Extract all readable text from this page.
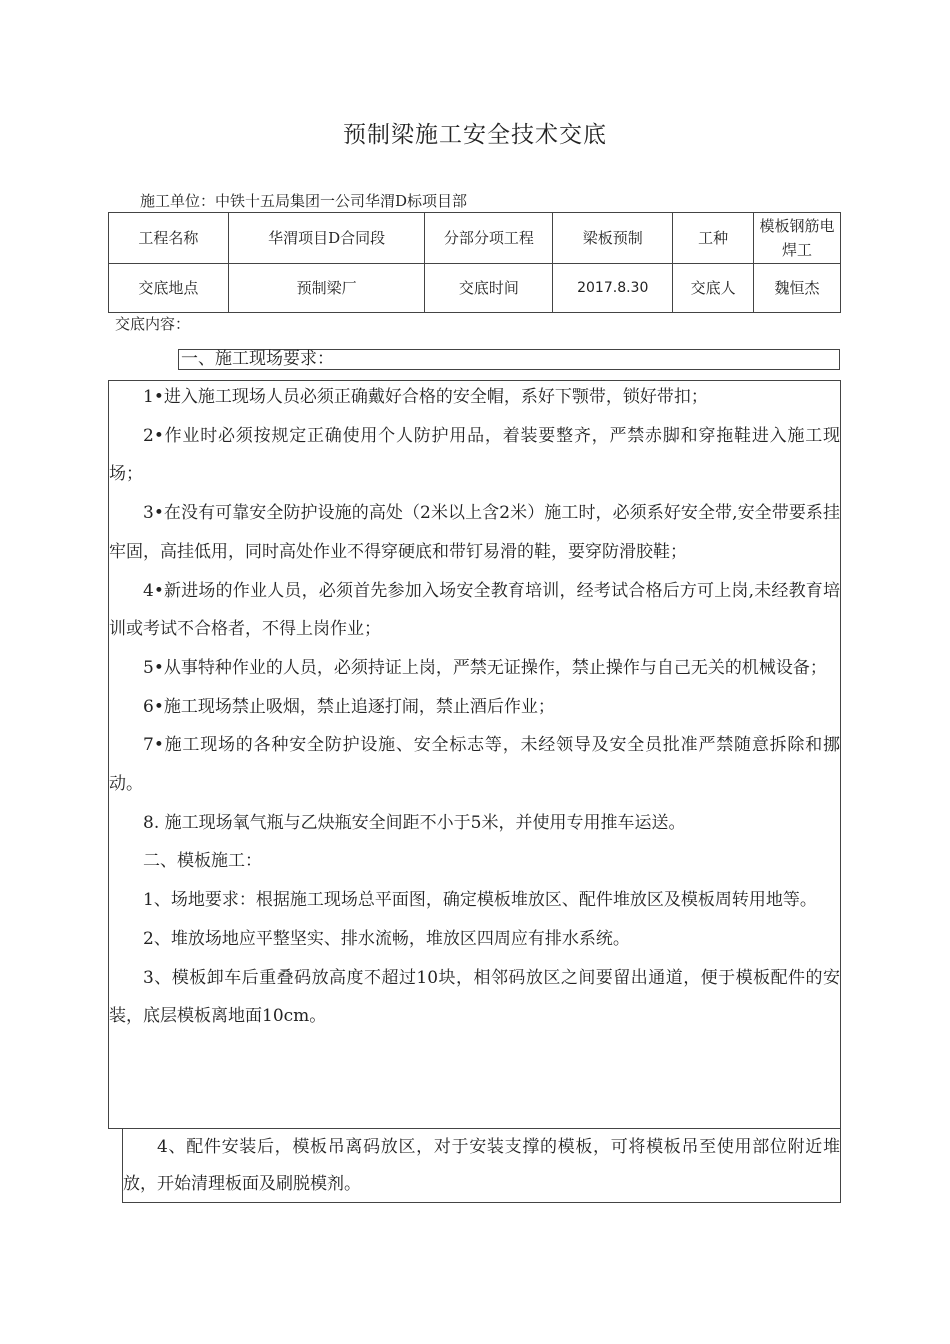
预制梁施工安全技术交底
施工单位：中铁十五局集团一公司华渭D标项目部
工程名称	华渭项目D合同段	分部分项工程	梁板预制	工种	模板钢筋电焊工
交底地点	预制梁厂	交底时间	2017.8.30	交底人	魏恒杰
交底内容：
一、施工现场要求：

1•进入施工现场人员必须正确戴好合格的安全帽，系好下颚带，锁好带扣；

2•作业时必须按规定正确使用个人防护用品，着装要整齐，严禁赤脚和穿拖鞋进入施工现场；

3•在没有可靠安全防护设施的高处（2米以上含2米）施工时，必须系好安全带,安全带要系挂牢固，高挂低用，同时高处作业不得穿硬底和带钉易滑的鞋，要穿防滑胶鞋；

4•新进场的作业人员，必须首先参加入场安全教育培训，经考试合格后方可上岗,未经教育培训或考试不合格者，不得上岗作业；

5•从事特种作业的人员，必须持证上岗，严禁无证操作，禁止操作与自己无关的机械设备；

6•施工现场禁止吸烟，禁止追逐打闹，禁止酒后作业；

7•施工现场的各种安全防护设施、安全标志等，未经领导及安全员批准严禁随意拆除和挪动。

8. 施工现场氧气瓶与乙炔瓶安全间距不小于5米，并使用专用推车运送。

二、模板施工：

1、场地要求：根据施工现场总平面图，确定模板堆放区、配件堆放区及模板周转用地等。

2、堆放场地应平整坚实、排水流畅，堆放区四周应有排水系统。

3、模板卸车后重叠码放高度不超过10块，相邻码放区之间要留出通道，便于模板配件的安装，底层模板离地面10cm。

4、配件安装后，模板吊离码放区，对于安装支撑的模板，可将模板吊至使用部位附近堆放，开始清理板面及刷脱模剂。
